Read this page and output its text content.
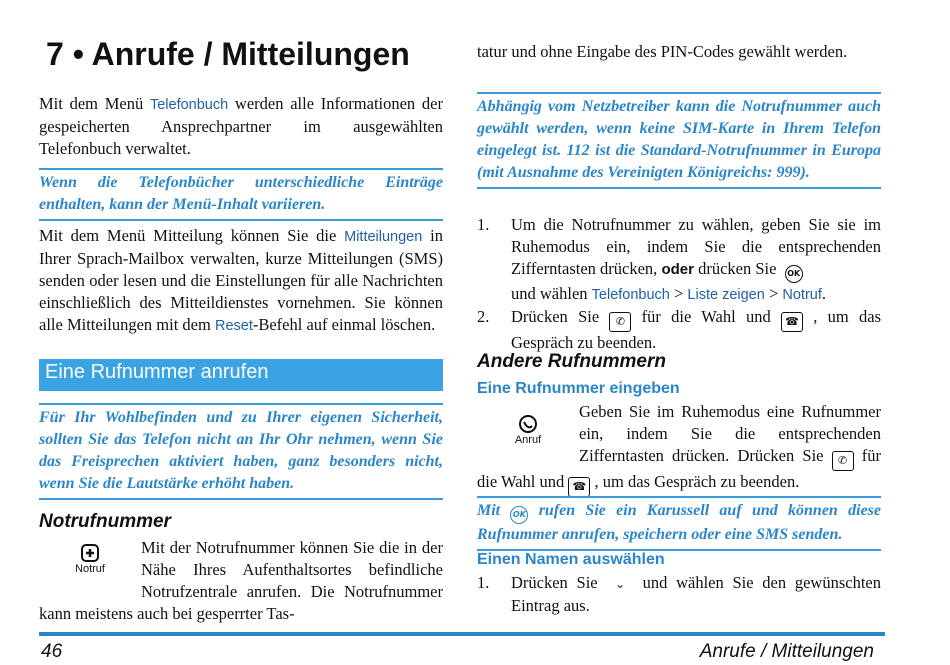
7 • Anrufe / Mitteilungen
Mit dem Menü Telefonbuch werden alle Informationen der gespeicherten Ansprechpartner im ausgewählten Telefonbuch verwaltet.
Wenn die Telefonbücher unterschiedliche Einträge enthalten, kann der Menü-Inhalt variieren.
Mit dem Menü Mitteilung können Sie die Mitteilungen in Ihrer Sprach-Mailbox verwalten, kurze Mitteilungen (SMS) senden oder lesen und die Einstellungen für alle Nachrichten einschließlich des Mitteildienstes vornehmen. Sie können alle Mitteilungen mit dem Reset-Befehl auf einmal löschen.
Eine Rufnummer anrufen
Für Ihr Wohlbefinden und zu Ihrer eigenen Sicherheit, sollten Sie das Telefon nicht an Ihr Ohr nehmen, wenn Sie das Freisprechen aktiviert haben, ganz besonders nicht, wenn Sie die Lautstärke erhöht haben.
Notrufnummer
Notruf
Mit der Notrufnummer können Sie die in der Nähe Ihres Aufenthaltsortes befindliche Notrufzentrale anrufen. Die Notrufnummer kann meistens auch bei gesperrter Tas-
tatur und ohne Eingabe des PIN-Codes gewählt werden.
Abhängig vom Netzbetreiber kann die Notrufnummer auch gewählt werden, wenn keine SIM-Karte in Ihrem Telefon eingelegt ist. 112 ist die Standard-Notrufnummer in Europa (mit Ausnahme des Vereinigten Königreichs: 999).
1. Um die Notrufnummer zu wählen, geben Sie sie im Ruhemodus ein, indem Sie die entsprechenden Zifferntasten drücken, oder drücken Sie  OK
und wählen Telefonbuch > Liste zeigen > Notruf.
2. Drücken Sie ✆ für die Wahl und ☎ , um das Gespräch zu beenden.
Andere Rufnummern
Eine Rufnummer eingeben
Anruf
Geben Sie im Ruhemodus eine Rufnummer ein, indem Sie die entsprechenden Zifferntasten drücken. Drücken Sie ✆ für die Wahl und ☎ , um das Gespräch zu beenden.
Mit OK rufen Sie ein Karussell auf und können diese Rufnummer anrufen, speichern oder eine SMS senden.
Einen Namen auswählen
1. Drücken Sie  ⌄  und wählen Sie den gewünschten Eintrag aus.
46	Anrufe / Mitteilungen
